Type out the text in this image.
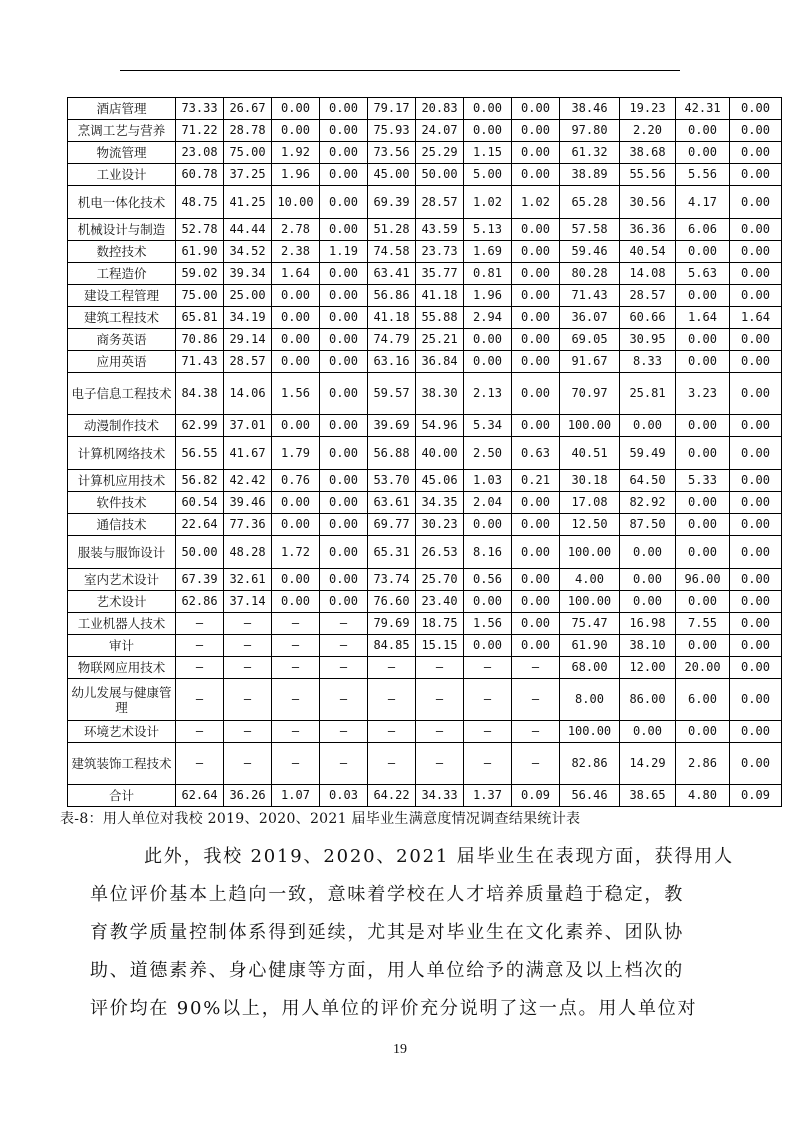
酒店管理	73.33	26.67	0.00	0.00	79.17	20.83	0.00	0.00	38.46	19.23	42.31	0.00
烹调工艺与营养	71.22	28.78	0.00	0.00	75.93	24.07	0.00	0.00	97.80	2.20	0.00	0.00
物流管理	23.08	75.00	1.92	0.00	73.56	25.29	1.15	0.00	61.32	38.68	0.00	0.00
工业设计	60.78	37.25	1.96	0.00	45.00	50.00	5.00	0.00	38.89	55.56	5.56	0.00
机电一体化技术	48.75	41.25	10.00	0.00	69.39	28.57	1.02	1.02	65.28	30.56	4.17	0.00
机械设计与制造	52.78	44.44	2.78	0.00	51.28	43.59	5.13	0.00	57.58	36.36	6.06	0.00
数控技术	61.90	34.52	2.38	1.19	74.58	23.73	1.69	0.00	59.46	40.54	0.00	0.00
工程造价	59.02	39.34	1.64	0.00	63.41	35.77	0.81	0.00	80.28	14.08	5.63	0.00
建设工程管理	75.00	25.00	0.00	0.00	56.86	41.18	1.96	0.00	71.43	28.57	0.00	0.00
建筑工程技术	65.81	34.19	0.00	0.00	41.18	55.88	2.94	0.00	36.07	60.66	1.64	1.64
商务英语	70.86	29.14	0.00	0.00	74.79	25.21	0.00	0.00	69.05	30.95	0.00	0.00
应用英语	71.43	28.57	0.00	0.00	63.16	36.84	0.00	0.00	91.67	8.33	0.00	0.00
电子信息工程技术	84.38	14.06	1.56	0.00	59.57	38.30	2.13	0.00	70.97	25.81	3.23	0.00
动漫制作技术	62.99	37.01	0.00	0.00	39.69	54.96	5.34	0.00	100.00	0.00	0.00	0.00
计算机网络技术	56.55	41.67	1.79	0.00	56.88	40.00	2.50	0.63	40.51	59.49	0.00	0.00
计算机应用技术	56.82	42.42	0.76	0.00	53.70	45.06	1.03	0.21	30.18	64.50	5.33	0.00
软件技术	60.54	39.46	0.00	0.00	63.61	34.35	2.04	0.00	17.08	82.92	0.00	0.00
通信技术	22.64	77.36	0.00	0.00	69.77	30.23	0.00	0.00	12.50	87.50	0.00	0.00
服装与服饰设计	50.00	48.28	1.72	0.00	65.31	26.53	8.16	0.00	100.00	0.00	0.00	0.00
室内艺术设计	67.39	32.61	0.00	0.00	73.74	25.70	0.56	0.00	4.00	0.00	96.00	0.00
艺术设计	62.86	37.14	0.00	0.00	76.60	23.40	0.00	0.00	100.00	0.00	0.00	0.00
工业机器人技术	–	–	–	–	79.69	18.75	1.56	0.00	75.47	16.98	7.55	0.00
审计	–	–	–	–	84.85	15.15	0.00	0.00	61.90	38.10	0.00	0.00
物联网应用技术	–	–	–	–	–	–	–	–	68.00	12.00	20.00	0.00
幼儿发展与健康管理	–	–	–	–	–	–	–	–	8.00	86.00	6.00	0.00
环境艺术设计	–	–	–	–	–	–	–	–	100.00	0.00	0.00	0.00
建筑装饰工程技术	–	–	–	–	–	–	–	–	82.86	14.29	2.86	0.00
合计	62.64	36.26	1.07	0.03	64.22	34.33	1.37	0.09	56.46	38.65	4.80	0.09
表-8：用人单位对我校 2019、2020、2021 届毕业生满意度情况调查结果统计表

此外，我校 2019、2020、2021 届毕业生在表现方面，获得用人

单位评价基本上趋向一致，意味着学校在人才培养质量趋于稳定，教

育教学质量控制体系得到延续，尤其是对毕业生在文化素养、团队协

助、道德素养、身心健康等方面，用人单位给予的满意及以上档次的

评价均在 90%以上，用人单位的评价充分说明了这一点。用人单位对

19
